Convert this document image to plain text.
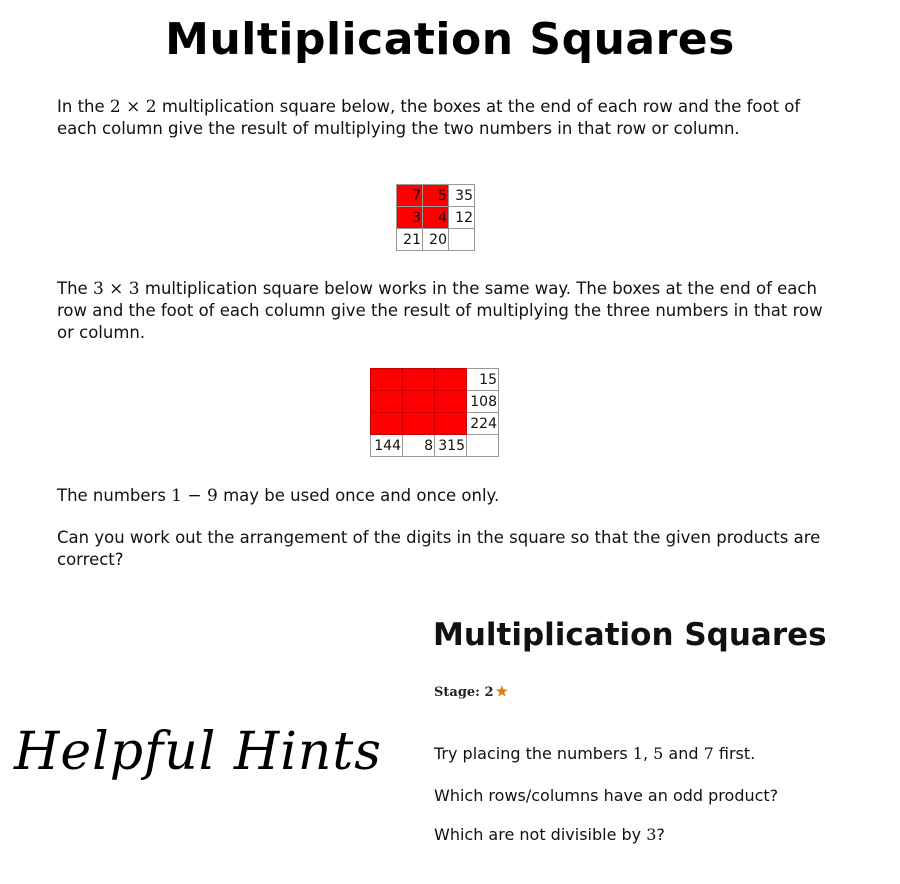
Multiplication Squares
In the 2 × 2 multiplication square below, the boxes at the end of each row and the foot of each column give the result of multiplying the two numbers in that row or column.
7	5	35
3	4	12
21	20	
The 3 × 3 multiplication square below works in the same way. The boxes at the end of each row and the foot of each column give the result of multiplying the three numbers in that row or column.
			15
			108
			224
144	8	315	
The numbers 1 − 9 may be used once and once only.
Can you work out the arrangement of the digits in the square so that the given products are correct?
Multiplication Squares
Stage: 2 ★
Try placing the numbers 1, 5 and 7 first.
Which rows/columns have an odd product?
Which are not divisible by 3?
Helpful Hints
